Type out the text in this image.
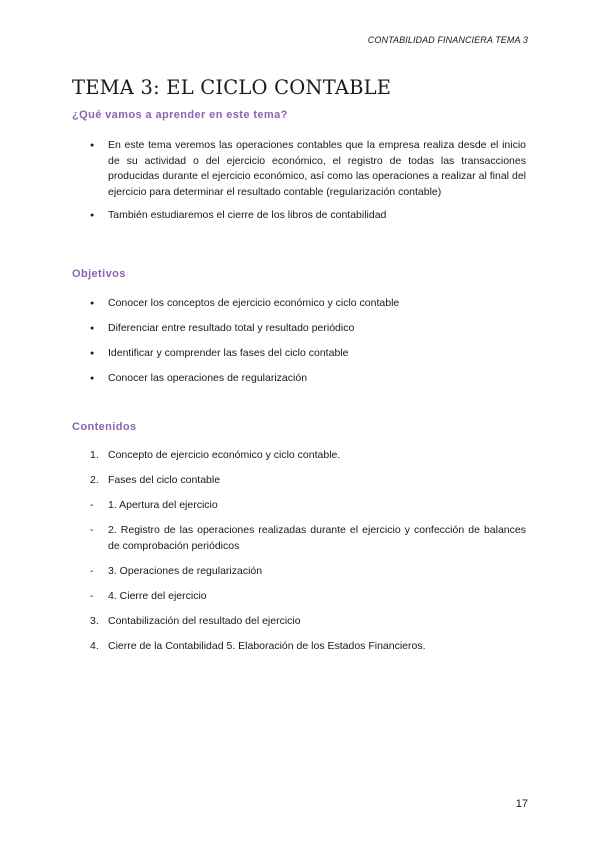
CONTABILIDAD FINANCIERA TEMA 3
TEMA 3: EL CICLO CONTABLE
¿Qué vamos a aprender en este tema?
● En este tema veremos las operaciones contables que la empresa realiza desde el inicio de su actividad o del ejercicio económico, el registro de todas las transacciones producidas durante el ejercicio económico, así como las operaciones a realizar al final del ejercicio para determinar el resultado contable (regularización contable)
● También estudiaremos el cierre de los libros de contabilidad
Objetivos
● Conocer los conceptos de ejercicio económico y ciclo contable
● Diferenciar entre resultado total y resultado periódico
● Identificar y comprender las fases del ciclo contable
● Conocer las operaciones de regularización
Contenidos
1. Concepto de ejercicio económico y ciclo contable.
2. Fases del ciclo contable
-	1. Apertura del ejercicio
-	2. Registro de las operaciones realizadas durante el ejercicio y confección de balances de comprobación periódicos
-	3. Operaciones de regularización
-	4. Cierre del ejercicio
3. Contabilización del resultado del ejercicio
4. Cierre de la Contabilidad 5. Elaboración de los Estados Financieros.
17
